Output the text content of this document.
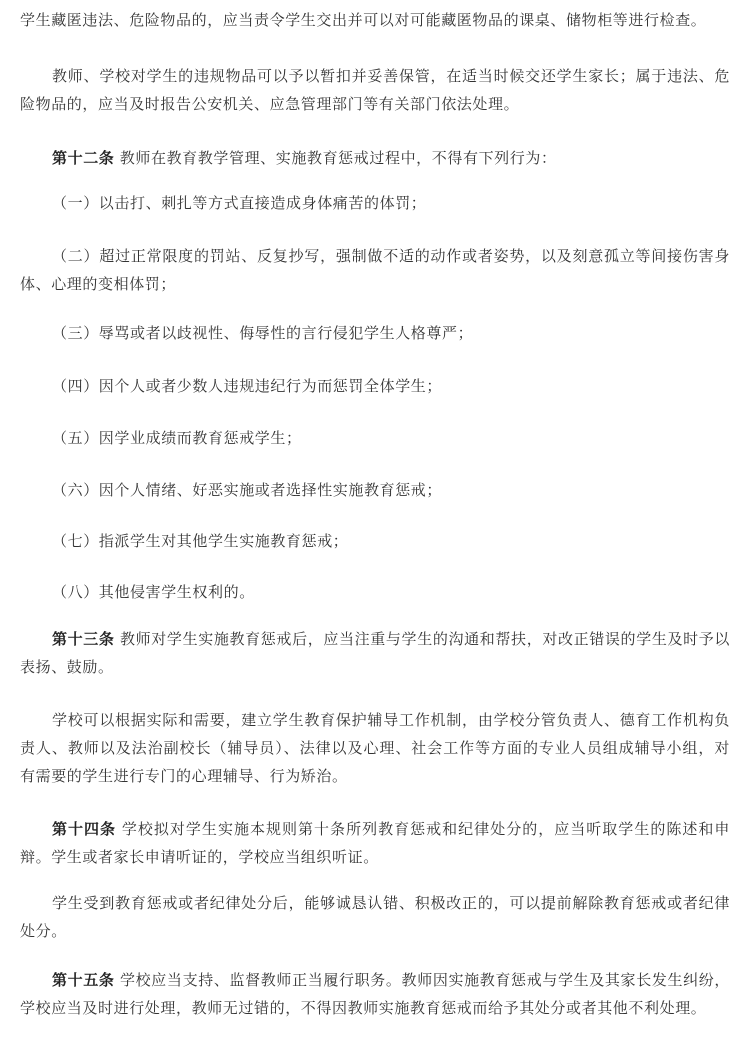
学生藏匿违法、危险物品的，应当责令学生交出并可以对可能藏匿物品的课桌、储物柜等进行检查。

教师、学校对学生的违规物品可以予以暂扣并妥善保管，在适当时候交还学生家长；属于违法、危险物品的，应当及时报告公安机关、应急管理部门等有关部门依法处理。

第十二条 教师在教育教学管理、实施教育惩戒过程中，不得有下列行为：

（一）以击打、刺扎等方式直接造成身体痛苦的体罚；

（二）超过正常限度的罚站、反复抄写，强制做不适的动作或者姿势，以及刻意孤立等间接伤害身体、心理的变相体罚；

（三）辱骂或者以歧视性、侮辱性的言行侵犯学生人格尊严；

（四）因个人或者少数人违规违纪行为而惩罚全体学生；

（五）因学业成绩而教育惩戒学生；

（六）因个人情绪、好恶实施或者选择性实施教育惩戒；

（七）指派学生对其他学生实施教育惩戒；

（八）其他侵害学生权利的。

第十三条 教师对学生实施教育惩戒后，应当注重与学生的沟通和帮扶，对改正错误的学生及时予以表扬、鼓励。

学校可以根据实际和需要，建立学生教育保护辅导工作机制，由学校分管负责人、德育工作机构负责人、教师以及法治副校长（辅导员）、法律以及心理、社会工作等方面的专业人员组成辅导小组，对有需要的学生进行专门的心理辅导、行为矫治。

第十四条 学校拟对学生实施本规则第十条所列教育惩戒和纪律处分的，应当听取学生的陈述和申辩。学生或者家长申请听证的，学校应当组织听证。

学生受到教育惩戒或者纪律处分后，能够诚恳认错、积极改正的，可以提前解除教育惩戒或者纪律处分。

第十五条 学校应当支持、监督教师正当履行职务。教师因实施教育惩戒与学生及其家长发生纠纷，学校应当及时进行处理，教师无过错的，不得因教师实施教育惩戒而给予其处分或者其他不利处理。
